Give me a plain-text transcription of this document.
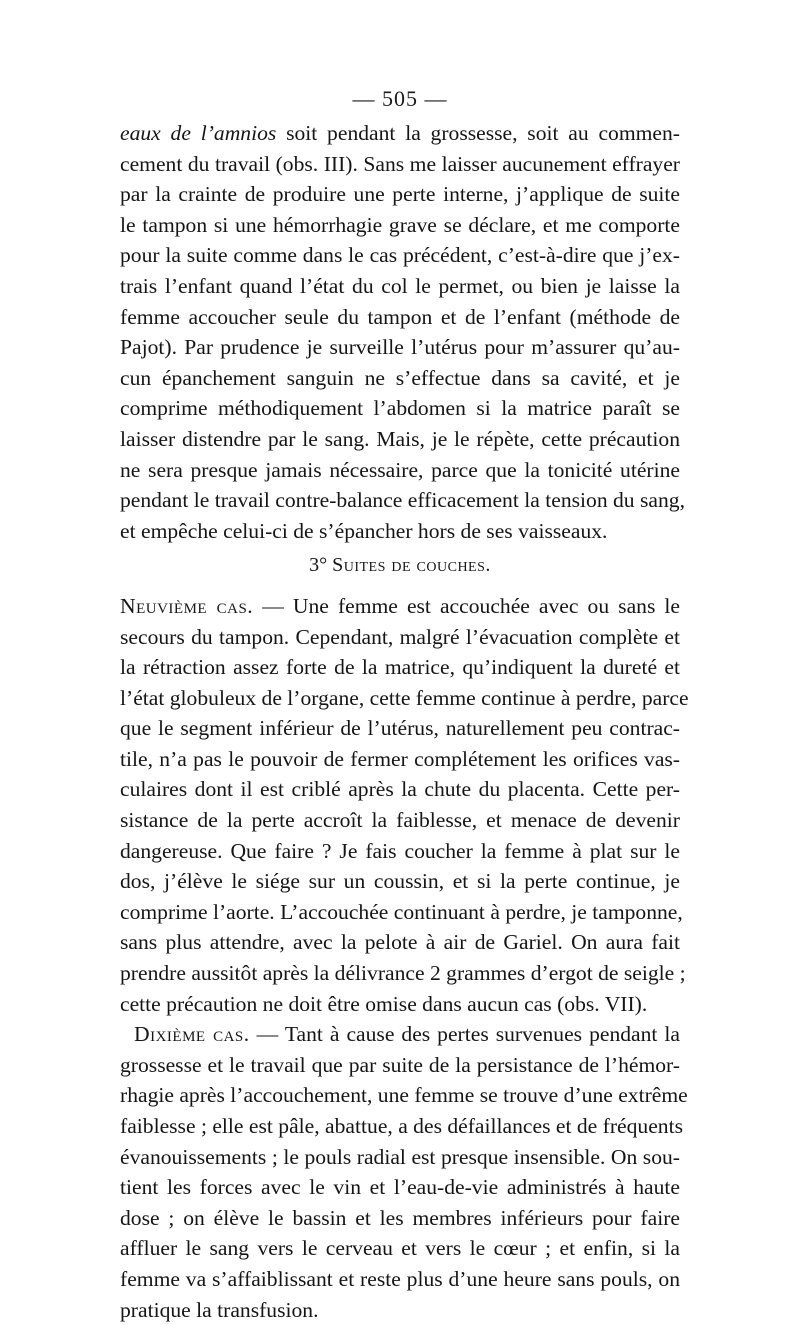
— 505 —
eaux de l’amnios soit pendant la grossesse, soit au commen-
cement du travail (obs. III). Sans me laisser aucunement effrayer
par la crainte de produire une perte interne, j’applique de suite
le tampon si une hémorrhagie grave se déclare, et me comporte
pour la suite comme dans le cas précédent, c’est-à-dire que j’ex-
trais l’enfant quand l’état du col le permet, ou bien je laisse la
femme accoucher seule du tampon et de l’enfant (méthode de
Pajot). Par prudence je surveille l’utérus pour m’assurer qu’au-
cun épanchement sanguin ne s’effectue dans sa cavité, et je
comprime méthodiquement l’abdomen si la matrice paraît se
laisser distendre par le sang. Mais, je le répète, cette précaution
ne sera presque jamais nécessaire, parce que la tonicité utérine
pendant le travail contre-balance efficacement la tension du sang,
et empêche celui-ci de s’épancher hors de ses vaisseaux.
3° Suites de couches.
Neuvième cas. — Une femme est accouchée avec ou sans le
secours du tampon. Cependant, malgré l’évacuation complète et
la rétraction assez forte de la matrice, qu’indiquent la dureté et
l’état globuleux de l’organe, cette femme continue à perdre, parce
que le segment inférieur de l’utérus, naturellement peu contrac-
tile, n’a pas le pouvoir de fermer complétement les orifices vas-
culaires dont il est criblé après la chute du placenta. Cette per-
sistance de la perte accroît la faiblesse, et menace de devenir
dangereuse. Que faire ? Je fais coucher la femme à plat sur le
dos, j’élève le siége sur un coussin, et si la perte continue, je
comprime l’aorte. L’accouchée continuant à perdre, je tamponne,
sans plus attendre, avec la pelote à air de Gariel. On aura fait
prendre aussitôt après la délivrance 2 grammes d’ergot de seigle ;
cette précaution ne doit être omise dans aucun cas (obs. VII).
Dixième cas. — Tant à cause des pertes survenues pendant la
grossesse et le travail que par suite de la persistance de l’hémor-
rhagie après l’accouchement, une femme se trouve d’une extrême
faiblesse ; elle est pâle, abattue, a des défaillances et de fréquents
évanouissements ; le pouls radial est presque insensible. On sou-
tient les forces avec le vin et l’eau-de-vie administrés à haute
dose ; on élève le bassin et les membres inférieurs pour faire
affluer le sang vers le cerveau et vers le cœur ; et enfin, si la
femme va s’affaiblissant et reste plus d’une heure sans pouls, on
pratique la transfusion.
